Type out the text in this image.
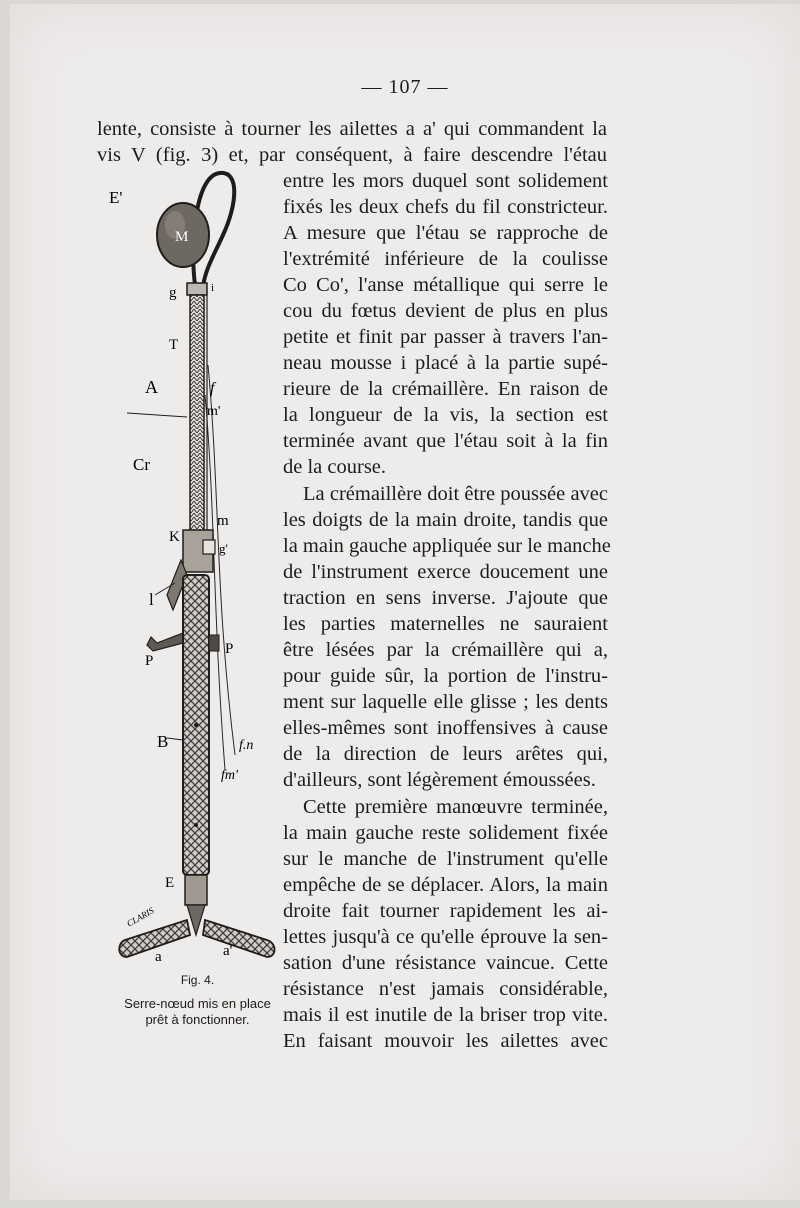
— 107 —
lente, consiste à tourner les ailettes a a' qui commandent la
vis V (fig. 3) et, par conséquent, à faire descendre l'étau
entre les mors duquel sont solidement
fixés les deux chefs du fil constricteur.
A mesure que l'étau se rapproche de
l'extrémité inférieure de la coulisse
Co Co', l'anse métallique qui serre le
cou du fœtus devient de plus en plus
petite et finit par passer à travers l'an-
neau mousse i placé à la partie supé-
rieure de la crémaillère. En raison de
la longueur de la vis, la section est
terminée avant que l'étau soit à la fin
de la course.
La crémaillère doit être poussée avec
les doigts de la main droite, tandis que
la main gauche appliquée sur le manche
de l'instrument exerce doucement une
traction en sens inverse. J'ajoute que
les parties maternelles ne sauraient
être lésées par la crémaillère qui a,
pour guide sûr, la portion de l'instru-
ment sur laquelle elle glisse ; les dents
elles-mêmes sont inoffensives à cause
de la direction de leurs arêtes qui,
d'ailleurs, sont légèrement émoussées.
Cette première manœuvre terminée,
la main gauche reste solidement fixée
sur le manche de l'instrument qu'elle
empêche de se déplacer. Alors, la main
droite fait tourner rapidement les ai-
lettes jusqu'à ce qu'elle éprouve la sen-
sation d'une résistance vaincue. Cette
résistance n'est jamais considérable,
mais il est inutile de la briser trop vite.
En faisant mouvoir les ailettes avec
E'
M
i
g
T
A	f
m'
Cr
m
K
g'
l
P
P
B	f.n
fm'
E
a	a'
CLARIS
Fig. 4.
Serre-nœud mis en place
prêt à fonctionner.
